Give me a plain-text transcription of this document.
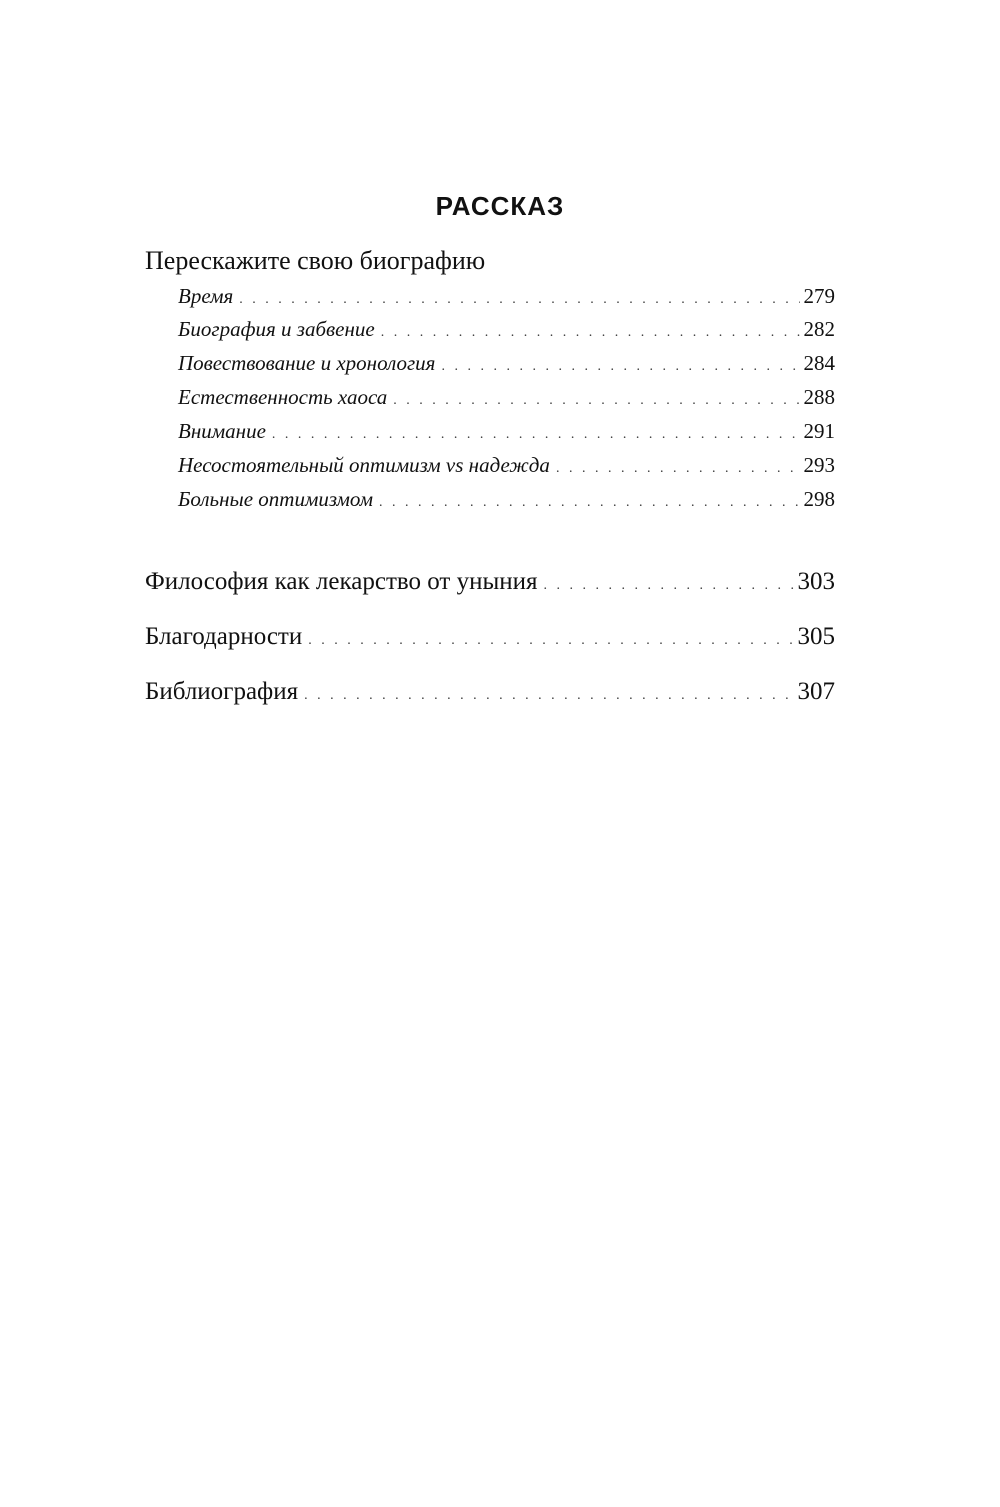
РАССКАЗ
Перескажите свою биографию
Время . . .	279
Биография и забвение . . .	282
Повествование и хронология . . .	284
Естественность хаоса . . .	288
Внимание . . .	291
Несостоятельный оптимизм vs надежда . . .	293
Больные оптимизмом . . .	298
Философия как лекарство от уныния . . .	303
Благодарности . . .	305
Библиография . . .	307
